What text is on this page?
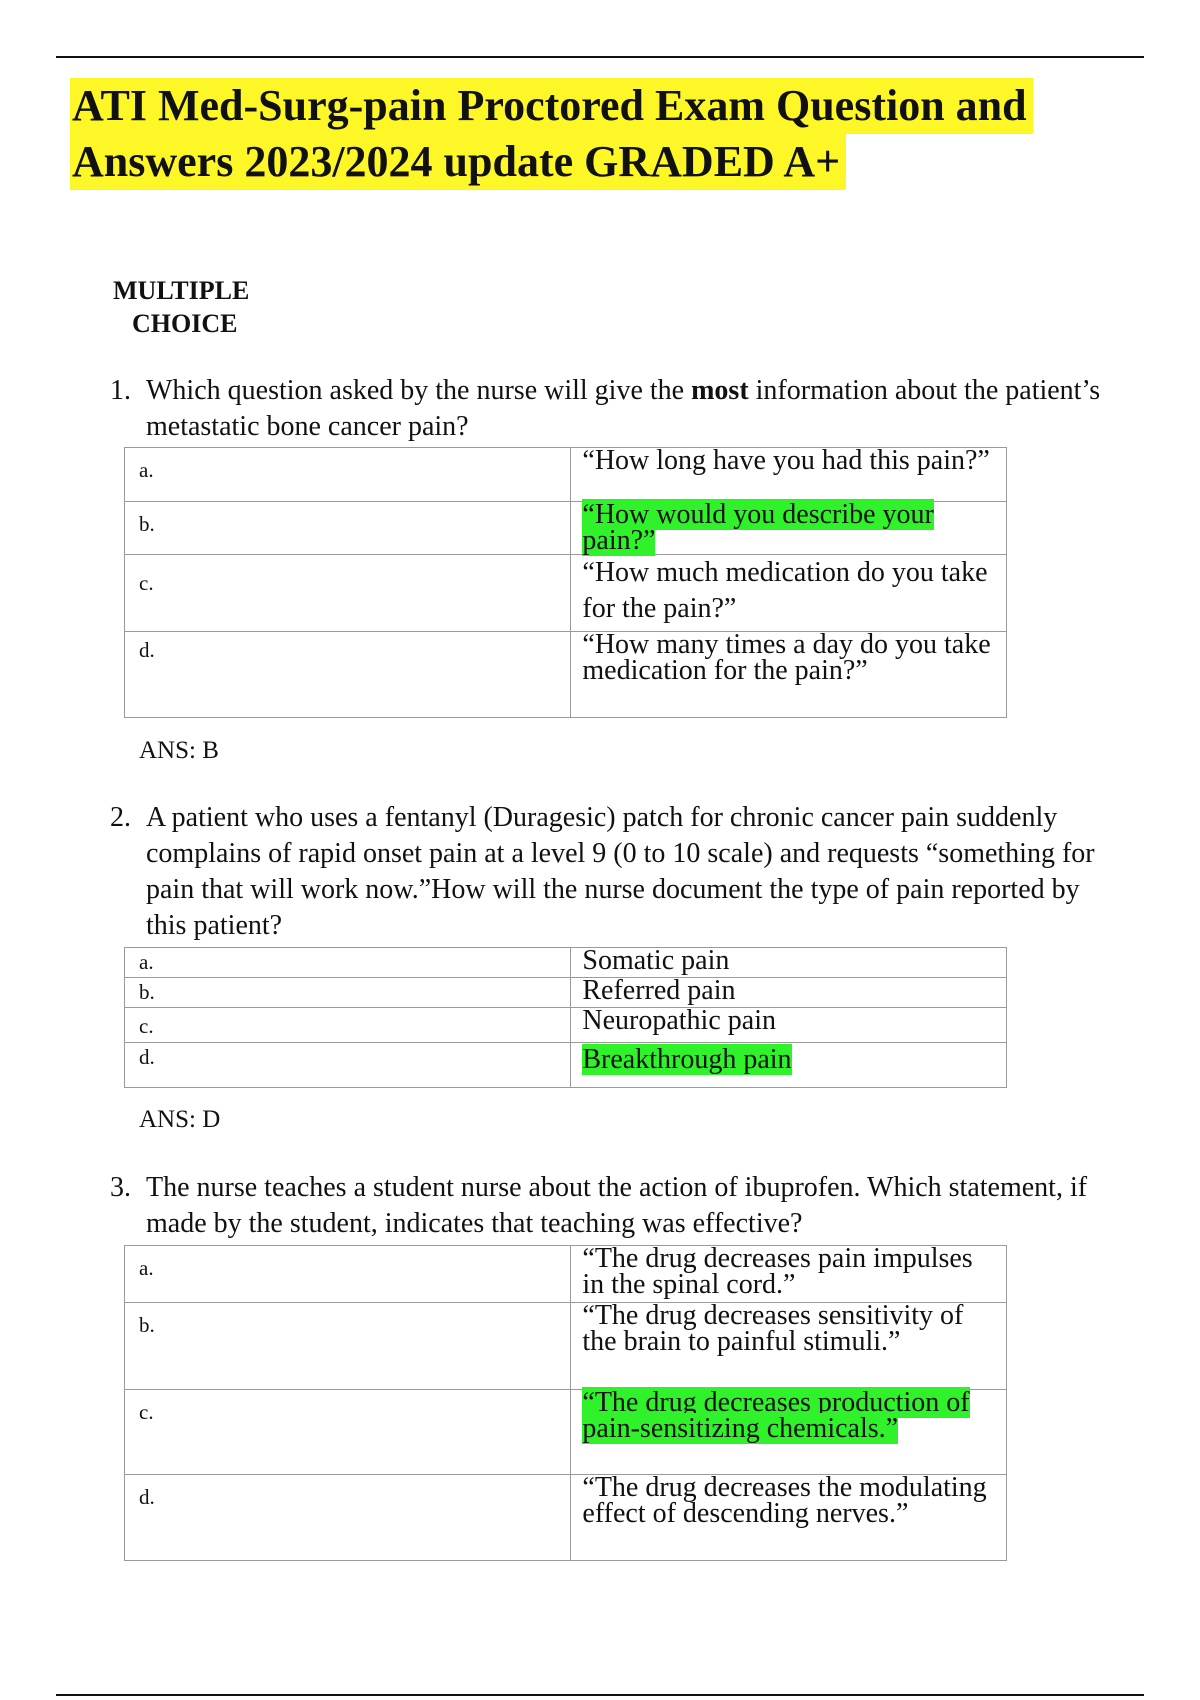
ATI Med-Surg-pain Proctored Exam Question and
Answers 2023/2024 update GRADED A+
MULTIPLE
CHOICE
1. Which question asked by the nurse will give the most information about the patient’s metastatic bone cancer pain?
a.	“How long have you had this pain?”
b.	“How would you describe your pain?”
c.	“How much medication do you take for the pain?”
d.	“How many times a day do you take medication for the pain?”
ANS: B
2. A patient who uses a fentanyl (Duragesic) patch for chronic cancer pain suddenly complains of rapid onset pain at a level 9 (0 to 10 scale) and requests “something for pain that will work now.”How will the nurse document the type of pain reported by this patient?
a.	Somatic pain
b.	Referred pain
c.	Neuropathic pain
d.	Breakthrough pain
ANS: D
3. The nurse teaches a student nurse about the action of ibuprofen. Which statement, if made by the student, indicates that teaching was effective?
a.	“The drug decreases pain impulses in the spinal cord.”
b.	“The drug decreases sensitivity of the brain to painful stimuli.”
c.	“The drug decreases production of pain-sensitizing chemicals.”
d.	“The drug decreases the modulating effect of descending nerves.”
